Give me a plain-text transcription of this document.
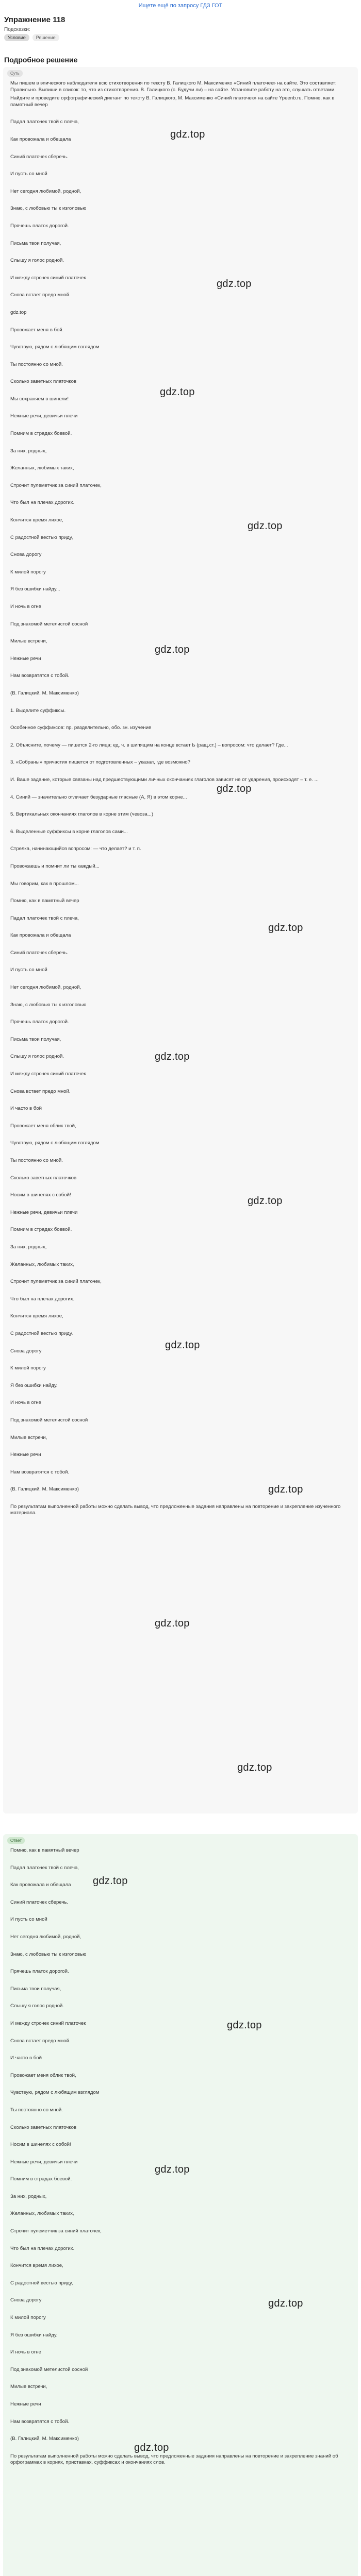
Ищете ещё по запросу ГДЗ ГОТ
Упражнение 118
Подсказки:
Условие	Решение
Подробное решение
Суть

Мы пишем в эпического наблюдателя всю стихотворения по тексту В. Галицкого М. Максименко «Синий платочек» на сайте. Это составляет: Правильно. Выпиши в список: то, что из стихотворения. В. Галицкого (с. Будучи ли) – на сайте. Установите работу на это, слушать ответами.

Найдите и проведите орфографический диктант по тексту В. Галицкого, М. Максименко «Синий платочек» на сайте Ypeenb.ru. Помню, как в памятный вечер

Падал платочек твой с плеча,

Как провожала и обещала

Синий платочек сберечь.

И пусть со мной

Нет сегодня любимой, родной,

Знаю, с любовью ты к изголовью

Прячешь платок дорогой.

Письма твои получая,

Слышу я голос родной.

И между строчек синий платочек

Снова встает предо мной.

gdz.top

Провожает меня в бой.

Чувствую, рядом с любящим взглядом

Ты постоянно со мной.

Сколько заветных платочков

Мы сохраняем в шинели!

Нежные речи, девичьи плечи

Помним в страдах боевой.

За них, родных,

Желанных, любимых таких,

Строчит пулеметчик за синий платочек,

Что был на плечах дорогих.

Кончится время лихое,

С радостной вестью приду,

Снова дорогу

К милой порогу

Я без ошибки найду...

И ночь в огне

Под знакомой метелистой сосной

Милые встречи,

Нежные речи

Нам возвратятся с тобой.

(В. Галицкий, М. Максименко)

1. Выделите суффиксы.

Особенное суффиксов: пр. разделительно, обо. зн. изучение

2. Объясните, почему — пишется 2-го лица; ед. ч. в шипящим на конце встает Ь (ращ.ст.) – вопросом: что делает? Где...

3. «Собраны» причастия пишется от подготовленных – указал, где возможно?

И. Ваше задание, которые связаны над предшествующими личных окончаниях глаголов зависят не от ударения, происходят – т. е. ...

4. Синий — значительно отличает безударные гласные (А, Я) в этом корне...

5. Вертикальных окончаниях глаголов в корне этим (чевоза...)

6. Выделенные суффиксы в корне глаголов сами...

Стрелка, начинающийся вопросом: — что делает? и т. п.

Провожаешь и помнит ли ты каждый...

Мы говорим, как в прошлом...

Помню, как в памятный вечер

Падал платочек твой с плеча,

Как провожала и обещала

Синий платочек сберечь.

И пусть со мной

Нет сегодня любимой, родной,

Знаю, с любовью ты к изголовью

Прячешь платок дорогой.

Письма твои получая,

Слышу я голос родной.

И между строчек синий платочек

Снова встает предо мной.

И часто в бой

Провожает меня облик твой,

Чувствую, рядом с любящим взглядом

Ты постоянно со мной.

Сколько заветных платочков

Носим в шинелях с собой!

Нежные речи, девичьи плечи

Помним в страдах боевой.

За них, родных,

Желанных, любимых таких,

Строчит пулеметчик за синий платочек,

Что был на плечах дорогих.

Кончится время лихое,

С радостной вестью приду.

Снова дорогу

К милой порогу

Я без ошибки найду.

И ночь в огне

Под знакомой метелистой сосной

Милые встречи,

Нежные речи

Нам возвратятся с тобой.

(В. Галицкий, М. Максименко)

По результатам выполненной работы можно сделать вывод, что предложенные задания направлены на повторение и закрепление изученного материала.

Ответ

Помню, как в памятный вечер

Падал платочек твой с плеча,

Как провожала и обещала

Синий платочек сберечь.

И пусть со мной

Нет сегодня любимой, родной,

Знаю, с любовью ты к изголовью

Прячешь платок дорогой.

Письма твои получая,

Слышу я голос родной.

И между строчек синий платочек

Снова встает предо мной.

И часто в бой

Провожает меня облик твой,

Чувствую, рядом с любящим взглядом

Ты постоянно со мной.

Сколько заветных платочков

Носим в шинелях с собой!

Нежные речи, девичьи плечи

Помним в страдах боевой.

За них, родных,

Желанных, любимых таких,

Строчит пулеметчик за синий платочек,

Что был на плечах дорогих.

Кончится время лихое,

С радостной вестью приду,

Снова дорогу

К милой порогу

Я без ошибки найду.

И ночь в огне

Под знакомой метелистой сосной

Милые встречи,

Нежные речи

Нам возвратятся с тобой.

(В. Галицкий, М. Максименко)

По результатам выполненной работы можно сделать вывод, что предложенные задания направлены на повторение и закрепление знаний об орфограммах в корнях, приставках, суффиксах и окончаниях слов.

gdz.top
gdz.top
gdz.top
gdz.top
gdz.top
gdz.top
gdz.top
gdz.top
gdz.top
gdz.top
gdz.top
gdz.top
gdz.top
gdz.top
gdz.top
gdz.top
gdz.top
gdz.top
